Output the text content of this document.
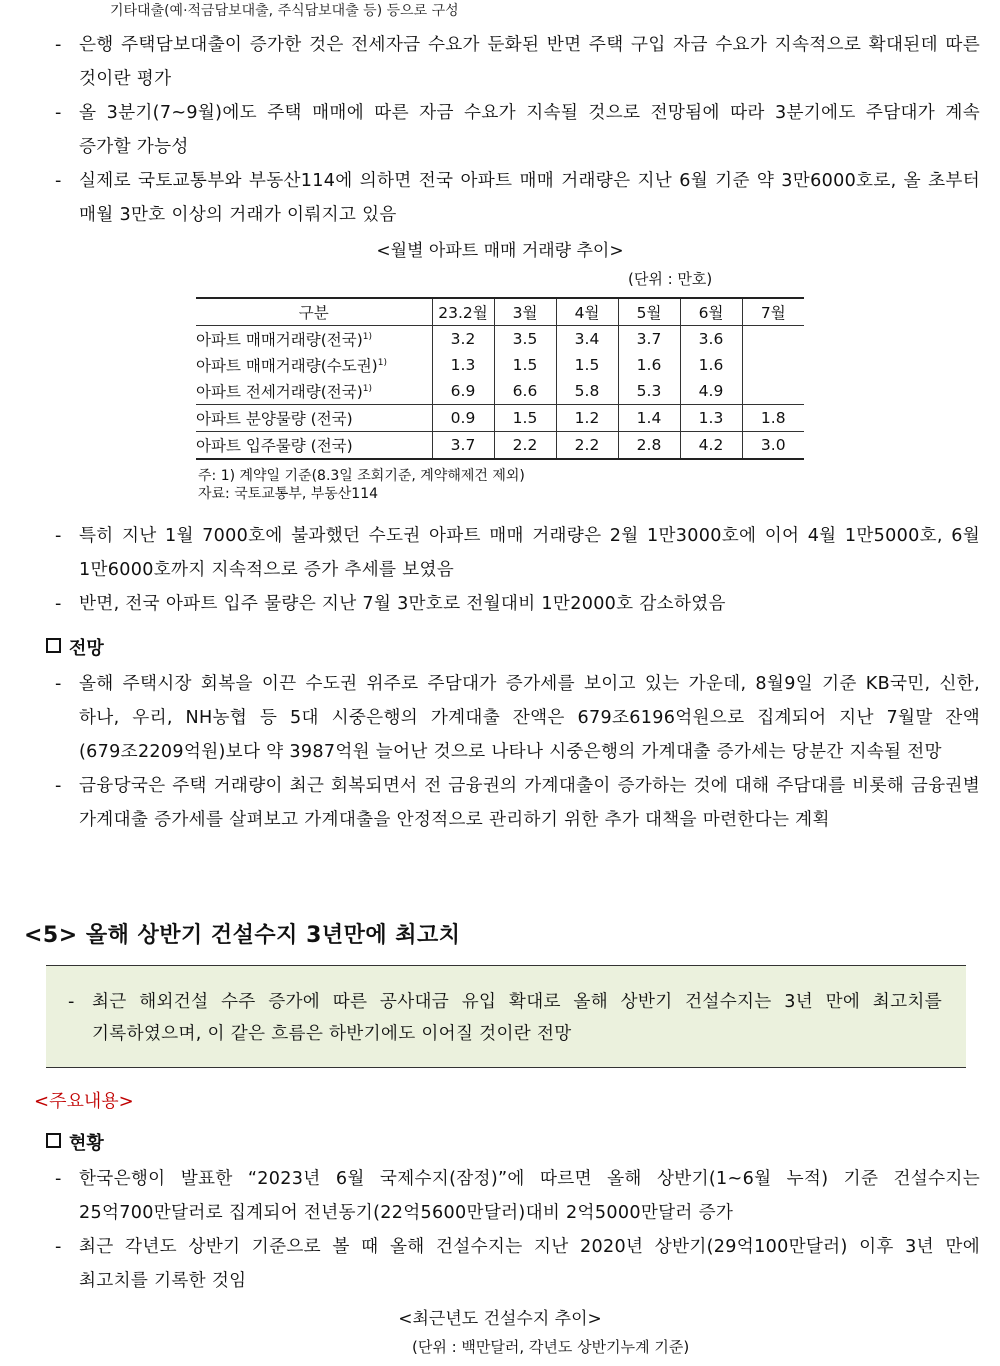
기타대출(예·적금담보대출, 주식담보대출 등) 등으로 구성
- 은행 주택담보대출이 증가한 것은 전세자금 수요가 둔화된 반면 주택 구입 자금 수요가 지속적으로 확대된데 따른 것이란 평가
- 올 3분기(7~9월)에도 주택 매매에 따른 자금 수요가 지속될 것으로 전망됨에 따라 3분기에도 주담대가 계속 증가할 가능성
- 실제로 국토교통부와 부동산114에 의하면 전국 아파트 매매 거래량은 지난 6월 기준 약 3만6000호로, 올 초부터 매월 3만호 이상의 거래가 이뤄지고 있음
<월별 아파트 매매 거래량 추이>
(단위 : 만호)
구분	23.2월	3월	4월	5월	6월	7월
아파트 매매거래량(전국)$^{1)}$	3.2	3.5	3.4	3.7	3.6	
아파트 매매거래량(수도권)$^{1)}$	1.3	1.5	1.5	1.6	1.6	
아파트 전세거래량(전국)$^{1)}$	6.9	6.6	5.8	5.3	4.9	
아파트 분양물량 (전국)	0.9	1.5	1.2	1.4	1.3	1.8
아파트 입주물량 (전국)	3.7	2.2	2.2	2.8	4.2	3.0
주: 1) 계약일 기준(8.3일 조회기준, 계약해제건 제외)
자료: 국토교통부, 부동산114
- 특히 지난 1월 7000호에 불과했던 수도권 아파트 매매 거래량은 2월 1만3000호에 이어 4월 1만5000호, 6월 1만6000호까지 지속적으로 증가 추세를 보였음
- 반면, 전국 아파트 입주 물량은 지난 7월 3만호로 전월대비 1만2000호 감소하였음
전망
- 올해 주택시장 회복을 이끈 수도권 위주로 주담대가 증가세를 보이고 있는 가운데, 8월9일 기준 KB국민, 신한, 하나, 우리, NH농협 등 5대 시중은행의 가계대출 잔액은 679조6196억원으로 집계되어 지난 7월말 잔액(679조2209억원)보다 약 3987억원 늘어난 것으로 나타나 시중은행의 가계대출 증가세는 당분간 지속될 전망
- 금융당국은 주택 거래량이 최근 회복되면서 전 금융권의 가계대출이 증가하는 것에 대해 주담대를 비롯해 금융권별 가계대출 증가세를 살펴보고 가계대출을 안정적으로 관리하기 위한 추가 대책을 마련한다는 계획
<5> 올해 상반기 건설수지 3년만에 최고치
- 최근 해외건설 수주 증가에 따른 공사대금 유입 확대로 올해 상반기 건설수지는 3년 만에 최고치를 기록하였으며, 이 같은 흐름은 하반기에도 이어질 것이란 전망
<주요내용>
현황
- 한국은행이 발표한 “2023년 6월 국제수지(잠정)”에 따르면 올해 상반기(1~6월 누적) 기준 건설수지는 25억700만달러로 집계되어 전년동기(22억5600만달러)대비 2억5000만달러 증가
- 최근 각년도 상반기 기준으로 볼 때 올해 건설수지는 지난 2020년 상반기(29억100만달러) 이후 3년 만에 최고치를 기록한 것임
<최근년도 건설수지 추이>
(단위 : 백만달러, 각년도 상반기누계 기준)
